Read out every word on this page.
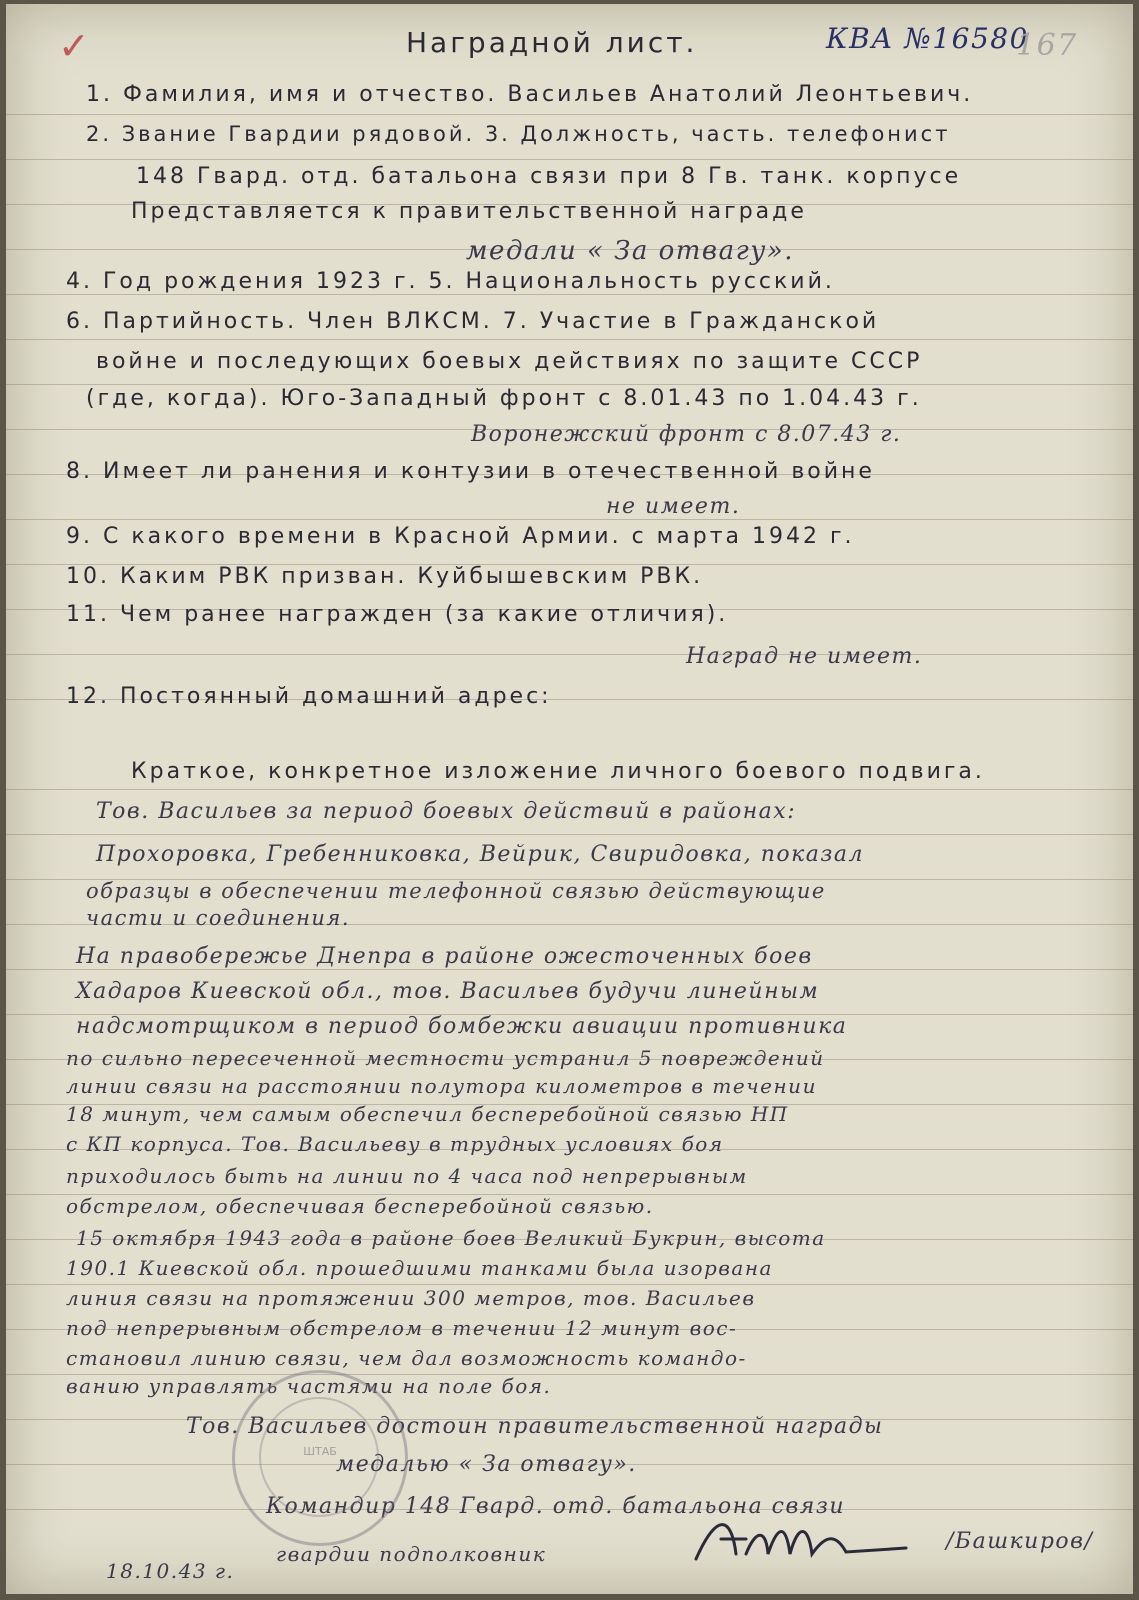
✓	Наградной лист.	КВА №16580
167
1. Фамилия, имя и отчество. Васильев Анатолий Леонтьевич.
2. Звание Гвардии рядовой. 3. Должность, часть. телефонист
148 Гвард. отд. батальона связи при 8 Гв. танк. корпусе
Представляется к правительственной награде
медали « За отвагу».
4. Год рождения 1923 г. 5. Национальность русский.
6. Партийность. Член ВЛКСМ. 7. Участие в Гражданской
войне и последующих боевых действиях по защите СССР
(где, когда). Юго-Западный фронт с 8.01.43 по 1.04.43 г.
Воронежский фронт с 8.07.43 г.
8. Имеет ли ранения и контузии в отечественной войне
не имеет.
9. С какого времени в Красной Армии. с марта 1942 г.
10. Каким РВК призван. Куйбышевским РВК.
11. Чем ранее награжден (за какие отличия).
Наград не имеет.
12. Постоянный домашний адрес:
Краткое, конкретное изложение личного боевого подвига.
Тов. Васильев за период боевых действий в районах:
Прохоровка, Гребенниковка, Вейрик, Свиридовка, показал
образцы в обеспечении телефонной связью действующие
части и соединения.
На правобережье Днепра в районе ожесточенных боев
Хадаров Киевской обл., тов. Васильев будучи линейным
надсмотрщиком в период бомбежки авиации противника
по сильно пересеченной местности устранил 5 повреждений
линии связи на расстоянии полутора километров в течении
18 минут, чем самым обеспечил бесперебойной связью НП
с КП корпуса. Тов. Васильеву в трудных условиях боя
приходилось быть на линии по 4 часа под непрерывным
обстрелом, обеспечивая бесперебойной связью.
15 октября 1943 года в районе боев Великий Букрин, высота
190.1 Киевской обл. прошедшими танками была изорвана
линия связи на протяжении 300 метров, тов. Васильев
под непрерывным обстрелом в течении 12 минут вос-
становил линию связи, чем дал возможность командо-
ванию управлять частями на поле боя.
Тов. Васильев достоин правительственной награды
медалью « За отвагу».
Командир 148 Гвард. отд. батальона связи
гвардии подполковник	/Башкиров/
18.10.43 г.
ШТАБ
